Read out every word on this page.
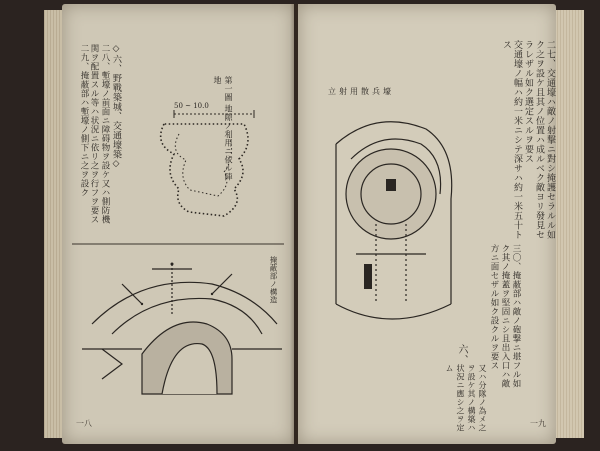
◇六、野戰築城、交通壕築◇
二九、掩蔽部ハ塹壕ノ側下ニ之ヲ設ク	二八、塹壕ノ前面ニ障碍物ヲ設ケ又ハ側防機関ヲ配置スル等ハ状況ニ依リ之ヲ行フヲ要ス	第一圖 地隙ノ利用ニ依ル陣地
50 ~ 10.0
掩蔽部ノ構造
一八
立射用散兵壕	二七、交通壕ハ敵ノ射撃ニ對シ掩護セラルル如ク之ヲ設ケ且其ノ位置ハ成ルベク敵ヨリ發見セラレザル如ク選定スルヲ要ス
交通壕ノ幅ハ約一米ニシテ深サハ約一米五十トス
三〇、掩蔽部ハ敵ノ砲撃ニ堪フル如ク其ノ掩蓋ヲ堅固ニシ且出入口ハ敵方ニ面セザル如ク設クルヲ要ス
六、
又ハ分隊ノ為メ之ヲ設ケ其ノ構築ハ状況ニ應シ之ヲ定ム
一九
